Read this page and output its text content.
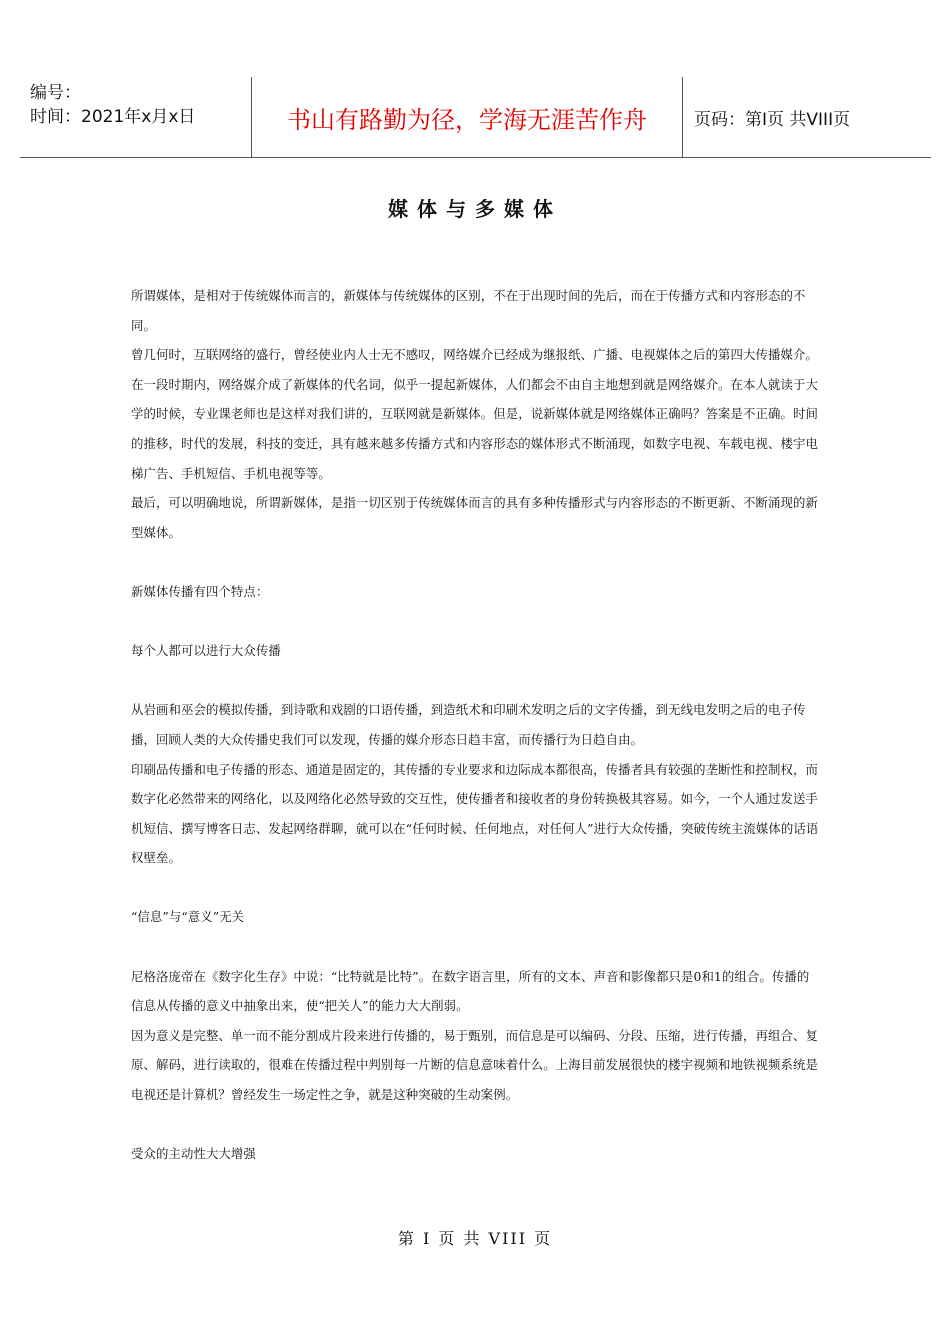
编号：
时间：2021年x月x日	书山有路勤为径，学海无涯苦作舟	页码：第I页 共VIII页
媒体与多媒体

所谓媒体，是相对于传统媒体而言的，新媒体与传统媒体的区别，不在于出现时间的先后，而在于传播方式和内容形态的不同。

曾几何时，互联网络的盛行，曾经使业内人士无不感叹，网络媒介已经成为继报纸、广播、电视媒体之后的第四大传播媒介。在一段时期内，网络媒介成了新媒体的代名词，似乎一提起新媒体，人们都会不由自主地想到就是网络媒介。在本人就读于大学的时候，专业课老师也是这样对我们讲的，互联网就是新媒体。但是，说新媒体就是网络媒体正确吗？答案是不正确。时间的推移，时代的发展，科技的变迁，具有越来越多传播方式和内容形态的媒体形式不断涌现，如数字电视、车载电视、楼宇电梯广告、手机短信、手机电视等等。

最后，可以明确地说，所谓新媒体，是指一切区别于传统媒体而言的具有多种传播形式与内容形态的不断更新、不断涌现的新型媒体。

新媒体传播有四个特点：

每个人都可以进行大众传播

从岩画和巫会的模拟传播，到诗歌和戏剧的口语传播，到造纸术和印刷术发明之后的文字传播，到无线电发明之后的电子传播，回顾人类的大众传播史我们可以发现，传播的媒介形态日趋丰富，而传播行为日趋自由。

印刷品传播和电子传播的形态、通道是固定的，其传播的专业要求和边际成本都很高，传播者具有较强的垄断性和控制权，而数字化必然带来的网络化，以及网络化必然导致的交互性，使传播者和接收者的身份转换极其容易。如今，一个人通过发送手机短信、撰写博客日志、发起网络群聊，就可以在“任何时候、任何地点，对任何人”进行大众传播，突破传统主流媒体的话语权壁垒。

“信息”与“意义”无关

尼格洛庞帝在《数字化生存》中说：“比特就是比特”。在数字语言里，所有的文本、声音和影像都只是0和1的组合。传播的信息从传播的意义中抽象出来，使“把关人”的能力大大削弱。

因为意义是完整、单一而不能分割成片段来进行传播的，易于甄别，而信息是可以编码、分段、压缩，进行传播，再组合、复原、解码，进行读取的，很难在传播过程中判别每一片断的信息意味着什么。上海目前发展很快的楼宇视频和地铁视频系统是电视还是计算机？曾经发生一场定性之争，就是这种突破的生动案例。

受众的主动性大大增强

第 I 页 共 VIII 页
